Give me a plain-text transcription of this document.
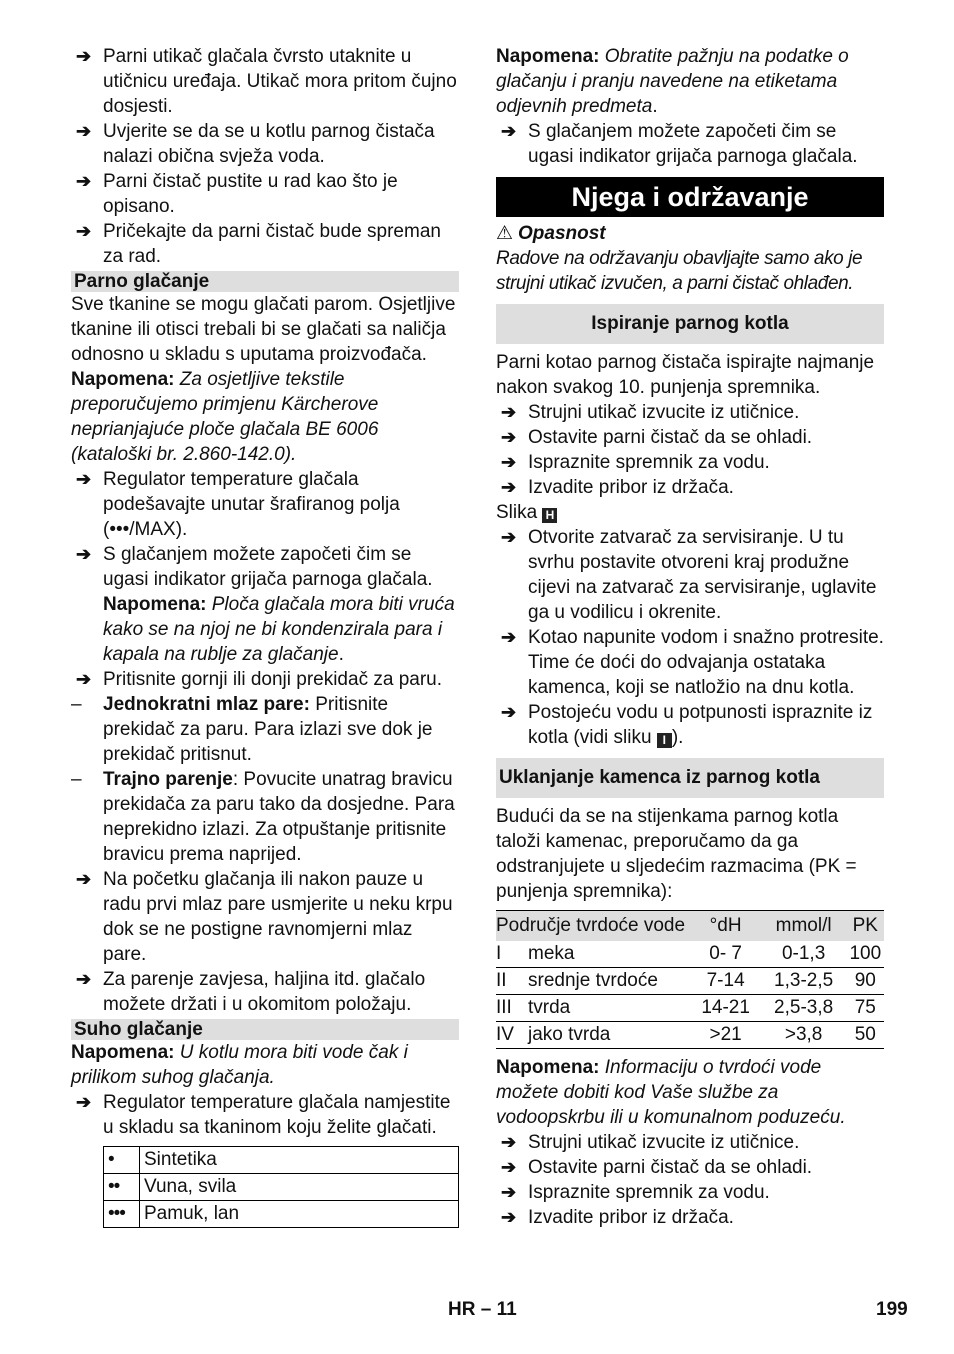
➔ Parni utikač glačala čvrsto utaknite u utičnicu uređaja. Utikač mora pritom čujno dosjesti.

➔ Uvjerite se da se u kotlu parnog čistača nalazi obična svježa voda.

➔ Parni čistač pustite u rad kao što je opisano.

➔ Pričekajte da parni čistač bude spreman za rad.

Parno glačanje

Sve tkanine se mogu glačati parom. Osjetljive tkanine ili otisci trebali bi se glačati sa naličja odnosno u skladu s uputama proizvođača.

Napomena: Za osjetljive tekstile preporučujemo primjenu Kärcherove neprianjajuće ploče glačala BE 6006 (kataloški br. 2.860-142.0).

➔ Regulator temperature glačala podešavajte unutar šrafiranog polja (•••/MAX).

➔ S glačanjem možete započeti čim se ugasi indikator grijača parnoga glačala.

Napomena: Ploča glačala mora biti vruća kako se na njoj ne bi kondenzirala para i kapala na rublje za glačanje.

➔ Pritisnite gornji ili donji prekidač za paru.

– Jednokratni mlaz pare: Pritisnite prekidač za paru. Para izlazi sve dok je prekidač pritisnut.

– Trajno parenje: Povucite unatrag bravicu prekidača za paru tako da dosjedne. Para neprekidno izlazi. Za otpuštanje pritisnite bravicu prema naprijed.

➔ Na početku glačanja ili nakon pauze u radu prvi mlaz pare usmjerite u neku krpu dok se ne postigne ravnomjerni mlaz pare.

➔ Za parenje zavjesa, haljina itd. glačalo možete držati i u okomitom položaju.

Suho glačanje

Napomena: U kotlu mora biti vode čak i prilikom suhog glačanja.

➔ Regulator temperature glačala namjestite u skladu sa tkaninom koju želite glačati.

•	Sintetika
••	Vuna, svila
•••	Pamuk, lan

Napomena: Obratite pažnju na podatke o glačanju i pranju navedene na etiketama odjevnih predmeta.

➔ S glačanjem možete započeti čim se ugasi indikator grijača parnoga glačala.

Njega i održavanje

⚠ Opasnost

Radove na održavanju obavljajte samo ako je strujni utikač izvučen, a parni čistač ohlađen.

Ispiranje parnog kotla

Parni kotao parnog čistača ispirajte najmanje nakon svakog 10. punjenja spremnika.

➔ Strujni utikač izvucite iz utičnice.

➔ Ostavite parni čistač da se ohladi.

➔ Ispraznite spremnik za vodu.

➔ Izvadite pribor iz držača.

Slika H

➔ Otvorite zatvarač za servisiranje. U tu svrhu postavite otvoreni kraj produžne cijevi na zatvarač za servisiranje, uglavite ga u vodilicu i okrenite.

➔ Kotao napunite vodom i snažno protresite. Time će doći do odvajanja ostataka kamenca, koji se natložio na dnu kotla.

➔ Postojeću vodu u potpunosti ispraznite iz kotla (vidi sliku I ).

Uklanjanje kamenca iz parnog kotla

Budući da se na stijenkama parnog kotla taloži kamenac, preporučamo da ga odstranjujete u sljedećim razmacima (PK = punjenja spremnika):

Područje tvrdoće vode		°dH	mmol/l	PK
I	meka	0- 7	0-1,3	100
II	srednje tvrdoće	7-14	1,3-2,5	90
III	tvrda	14-21	2,5-3,8	75
IV	jako tvrda	>21	>3,8	50

Napomena: Informaciju o tvrdoći vode možete dobiti kod Vaše službe za vodoopskrbu ili u komunalnom poduzeću.

➔ Strujni utikač izvucite iz utičnice.

➔ Ostavite parni čistač da se ohladi.

➔ Ispraznite spremnik za vodu.

➔ Izvadite pribor iz držača.

HR – 11	199
